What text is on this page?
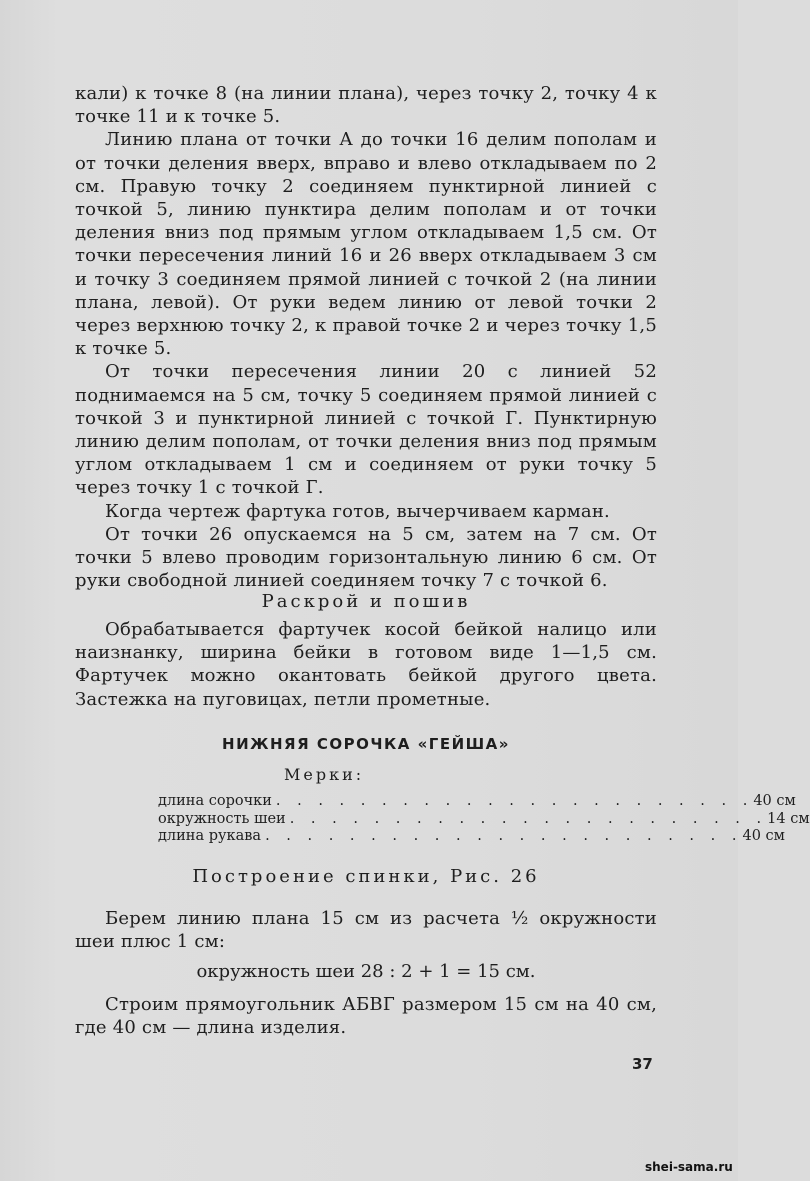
кали) к точке 8 (на линии плана), через точку 2, точку 4 к точке 11 и к точке 5.

Линию плана от точки А до точки 16 делим пополам и от точки деления вверх, вправо и влево откладываем по 2 см. Правую точку 2 соединяем пунктирной линией с точкой 5, линию пунктира делим пополам и от точки деления вниз под прямым углом откладываем 1,5 см. От точки пересечения линий 16 и 26 вверх откладываем 3 см и точку 3 соединяем прямой линией с точкой 2 (на линии плана, левой). От руки ведем линию от левой точки 2 через верхнюю точку 2, к правой точке 2 и через точку 1,5 к точке 5.

От точки пересечения линии 20 с линией 52 поднимаемся на 5 см, точку 5 соединяем прямой линией с точкой 3 и пунктирной линией с точкой Г. Пунктирную линию делим пополам, от точки деления вниз под прямым углом откладываем 1 см и соединяем от руки точку 5 через точку 1 с точкой Г.

Когда чертеж фартука готов, вычерчиваем карман.

От точки 26 опускаемся на 5 см, затем на 7 см. От точки 5 влево проводим горизонтальную линию 6 см. От руки свободной линией соединяем точку 7 с точкой 6.

Раскрой и пошив

Обрабатывается фартучек косой бейкой налицо или наизнанку, ширина бейки в готовом виде 1—1,5 см. Фартучек можно окантовать бейкой другого цвета. Застежка на пуговицах, петли прометные.

НИЖНЯЯ СОРОЧКА «ГЕЙША»
Мерки:
длина сорочки . . . . . . . . . . . . . . . . . . . . . . . 40 см
окружность шеи . . . . . . . . . . . . . . . . . . . . . . . 14 см
длина рукава . . . . . . . . . . . . . . . . . . . . . . . 40 см
Построение спинки, Рис. 26

Берем линию плана 15 см из расчета ½ окружности шеи плюс 1 см:

окружность шеи 28 : 2 + 1 = 15 см.

Строим прямоугольник АБВГ размером 15 см на 40 см, где 40 см — длина изделия.

37
shei-sama.ru
